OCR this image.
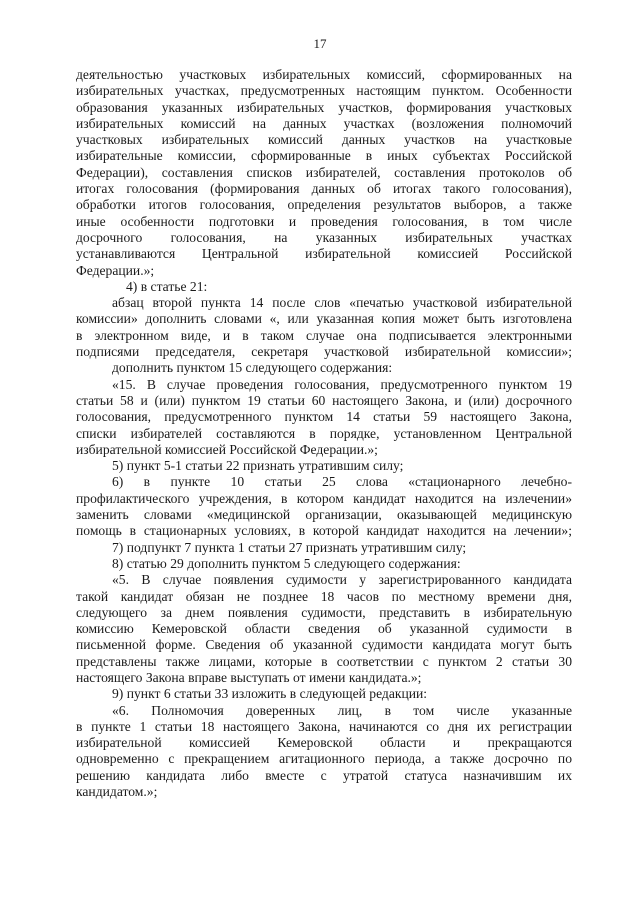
17
деятельностью участковых избирательных комиссий, сформированных на
избирательных участках, предусмотренных настоящим пунктом. Особенности
образования указанных избирательных участков, формирования участковых
избирательных комиссий на данных участках (возложения полномочий
участковых избирательных комиссий данных участков на участковые
избирательные комиссии, сформированные в иных субъектах Российской
Федерации), составления списков избирателей, составления протоколов об
итогах голосования (формирования данных об итогах такого голосования),
обработки итогов голосования, определения результатов выборов, а также
иные особенности подготовки и проведения голосования, в том числе
досрочного голосования, на указанных избирательных участках
устанавливаются Центральной избирательной комиссией Российской
Федерации.»;
4) в статье 21:
абзац второй пункта 14 после слов «печатью участковой избирательной
комиссии» дополнить словами «, или указанная копия может быть изготовлена
в электронном виде, и в таком случае она подписывается электронными
подписями председателя, секретаря участковой избирательной комиссии»;
дополнить пунктом 15 следующего содержания:
«15. В случае проведения голосования, предусмотренного пунктом 19
статьи 58 и (или) пунктом 19 статьи 60 настоящего Закона, и (или) досрочного
голосования, предусмотренного пунктом 14 статьи 59 настоящего Закона,
списки избирателей составляются в порядке, установленном Центральной
избирательной комиссией Российской Федерации.»;
5) пункт 5-1 статьи 22 признать утратившим силу;
6) в пункте 10 статьи 25 слова «стационарного лечебно-
профилактического учреждения, в котором кандидат находится на излечении»
заменить словами «медицинской организации, оказывающей медицинскую
помощь в стационарных условиях, в которой кандидат находится на лечении»;
7) подпункт 7 пункта 1 статьи 27 признать утратившим силу;
8) статью 29 дополнить пунктом 5 следующего содержания:
«5. В случае появления судимости у зарегистрированного кандидата
такой кандидат обязан не позднее 18 часов по местному времени дня,
следующего за днем появления судимости, представить в избирательную
комиссию Кемеровской области сведения об указанной судимости в
письменной форме. Сведения об указанной судимости кандидата могут быть
представлены также лицами, которые в соответствии с пунктом 2 статьи 30
настоящего Закона вправе выступать от имени кандидата.»;
9) пункт 6 статьи 33 изложить в следующей редакции:
«6. Полномочия доверенных лиц, в том числе указанные
в пункте 1 статьи 18 настоящего Закона, начинаются со дня их регистрации
избирательной комиссией Кемеровской области и прекращаются
одновременно с прекращением агитационного периода, а также досрочно по
решению кандидата либо вместе с утратой статуса назначившим их
кандидатом.»;
